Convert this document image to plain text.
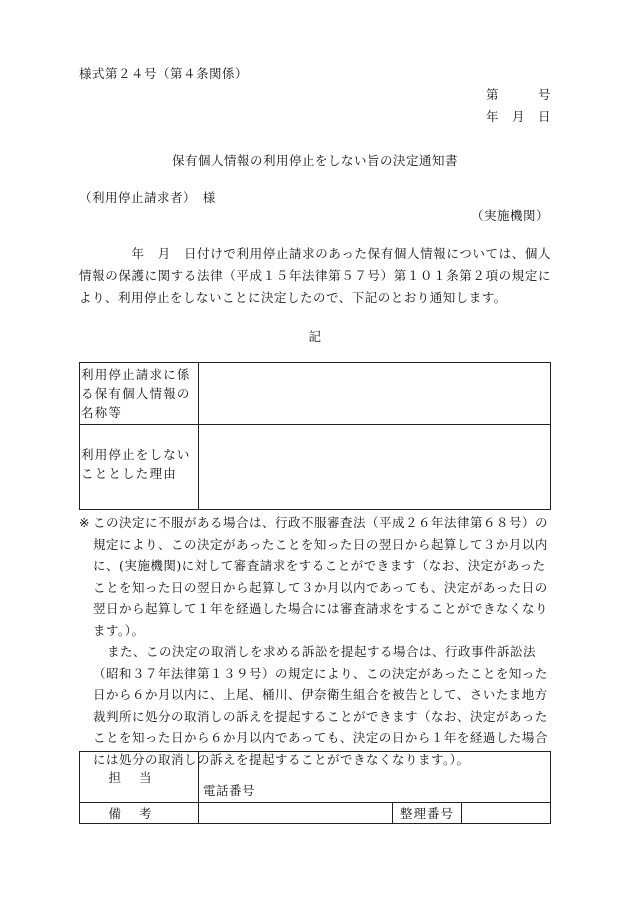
様式第２４号（第４条関係）
第　　　号
年　月　日
保有個人情報の利用停止をしない旨の決定通知書
（利用停止請求者）　様
（実施機関）
　　　　年　月　日付けで利用停止請求のあった保有個人情報については、個人情報の保護に関する法律（平成１５年法律第５７号）第１０１条第２項の規定により、利用停止をしないことに決定したので、下記のとおり通知します。
記
利用停止請求に係る保有個人情報の名称等	
利用停止をしないこととした理由	
※ この決定に不服がある場合は、行政不服審査法（平成２６年法律第６８号）の規定により、この決定があったことを知った日の翌日から起算して３か月以内に、(実施機関)に対して審査請求をすることができます（なお、決定があったことを知った日の翌日から起算して３か月以内であっても、決定があった日の翌日から起算して１年を経過した場合には審査請求をすることができなくなります。）。

また、この決定の取消しを求める訴訟を提起する場合は、行政事件訴訟法（昭和３７年法律第１３９号）の規定により、この決定があったことを知った日から６か月以内に、上尾、桶川、伊奈衛生組合を被告として、さいたま地方裁判所に処分の取消しの訴えを提起することができます（なお、決定があったことを知った日から６か月以内であっても、決定の日から１年を経過した場合には処分の取消しの訴えを提起することができなくなります。）。

担当	電話番号		
備考		整理番号	
